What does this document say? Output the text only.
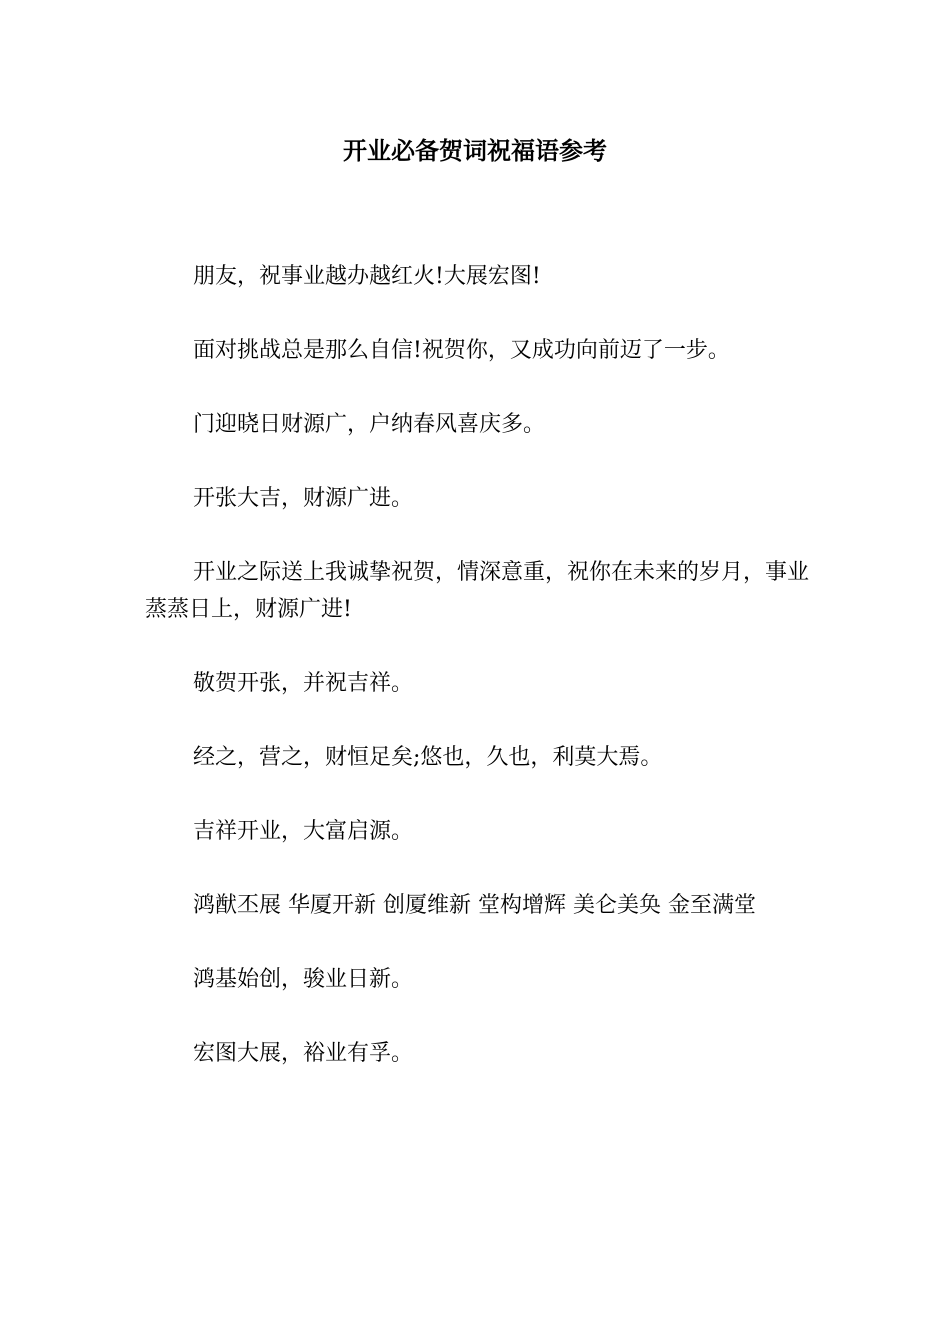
开业必备贺词祝福语参考

朋友，祝事业越办越红火!大展宏图!

面对挑战总是那么自信!祝贺你，又成功向前迈了一步。

门迎晓日财源广，户纳春风喜庆多。

开张大吉，财源广进。

开业之际送上我诚挚祝贺，情深意重，祝你在未来的岁月，事业蒸蒸日上，财源广进!

敬贺开张，并祝吉祥。

经之，营之，财恒足矣;悠也，久也，利莫大焉。

吉祥开业，大富启源。

鸿猷丕展 华厦开新 创厦维新 堂构增辉 美仑美奂 金至满堂

鸿基始创，骏业日新。

宏图大展，裕业有孚。
